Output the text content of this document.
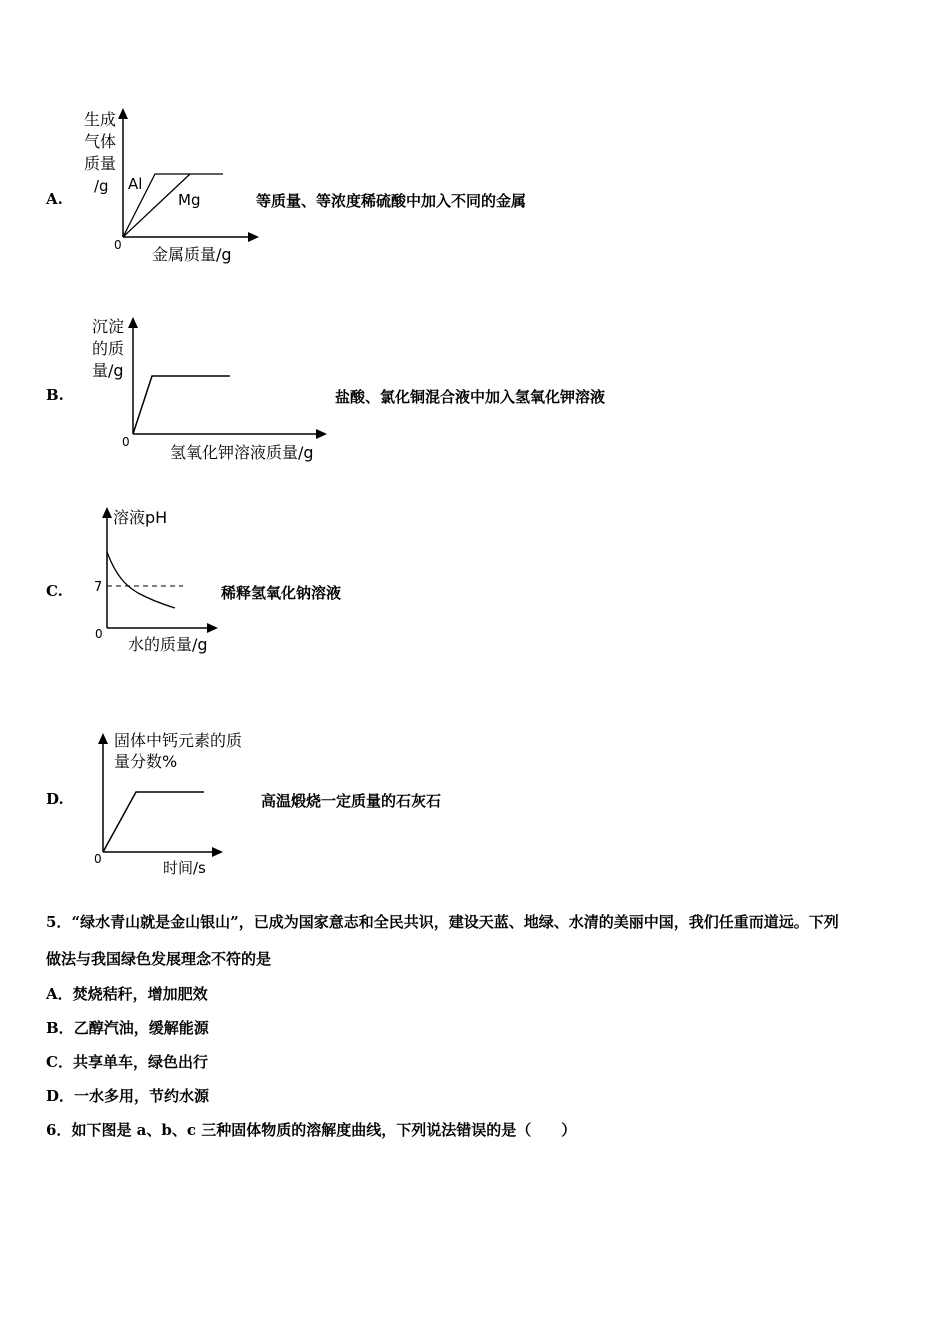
A.
生成
气体
质量
/g Al
Mg
0 金属质量/g
等质量、等浓度稀硫酸中加入不同的金属
B.
沉淀
的质
量/g
0
氢氧化钾溶液质量/g
盐酸、氯化铜混合液中加入氢氧化钾溶液
C.
溶液pH
7
0
水的质量/g
稀释氢氧化钠溶液
D.
固体中钙元素的质
量分数%
0	时间/s
高温煅烧一定质量的石灰石
5．“绿水青山就是金山银山”，已成为国家意志和全民共识，建设天蓝、地绿、水清的美丽中国，我们任重而道远。下列
做法与我国绿色发展理念不符的是
A．焚烧秸秆，增加肥效
B．乙醇汽油，缓解能源
C．共享单车，绿色出行
D．一水多用，节约水源
6．如下图是 a、b、c 三种固体物质的溶解度曲线，下列说法错误的是（　　）
